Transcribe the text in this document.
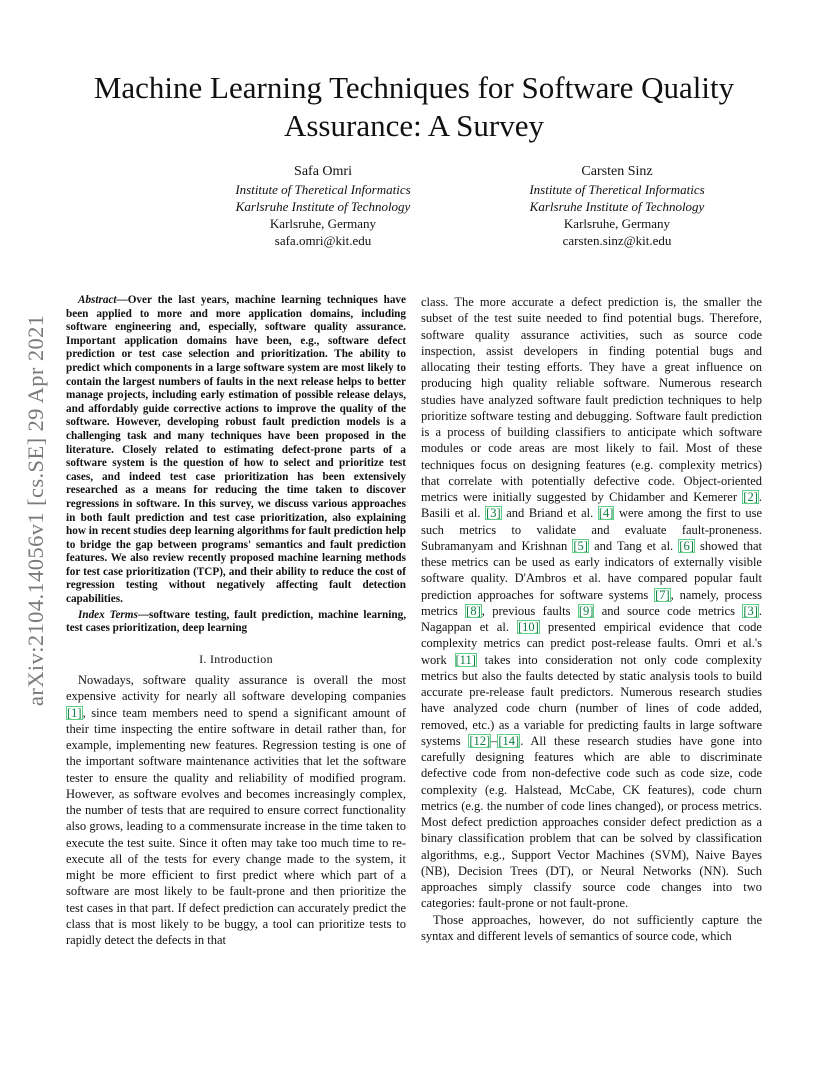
arXiv:2104.14056v1 [cs.SE] 29 Apr 2021
Machine Learning Techniques for Software Quality
Assurance: A Survey
Safa Omri
Institute of Theretical Informatics
Karlsruhe Institute of Technology
Karlsruhe, Germany
safa.omri@kit.edu
Carsten Sinz
Institute of Theretical Informatics
Karlsruhe Institute of Technology
Karlsruhe, Germany
carsten.sinz@kit.edu

Abstract—Over the last years, machine learning techniques have been applied to more and more application domains, including software engineering and, especially, software quality assurance. Important application domains have been, e.g., software defect prediction or test case selection and prioritization. The ability to predict which components in a large software system are most likely to contain the largest numbers of faults in the next release helps to better manage projects, including early estimation of possible release delays, and affordably guide corrective actions to improve the quality of the software. However, developing robust fault prediction models is a challenging task and many techniques have been proposed in the literature. Closely related to estimating defect-prone parts of a software system is the question of how to select and prioritize test cases, and indeed test case prioritization has been extensively researched as a means for reducing the time taken to discover regressions in software. In this survey, we discuss various approaches in both fault prediction and test case prioritization, also explaining how in recent studies deep learning algorithms for fault prediction help to bridge the gap between programs' semantics and fault prediction features. We also review recently proposed machine learning methods for test case prioritization (TCP), and their ability to reduce the cost of regression testing without negatively affecting fault detection capabilities.

Index Terms—software testing, fault prediction, machine learning, test cases prioritization, deep learning

I. Introduction

Nowadays, software quality assurance is overall the most expensive activity for nearly all software developing companies [1], since team members need to spend a significant amount of their time inspecting the entire software in detail rather than, for example, implementing new features. Regression testing is one of the important software maintenance activities that let the software tester to ensure the quality and reliability of modified program. However, as software evolves and becomes increasingly complex, the number of tests that are required to ensure correct functionality also grows, leading to a commensurate increase in the time taken to execute the test suite. Since it often may take too much time to re-execute all of the tests for every change made to the system, it might be more efficient to first predict where which part of a software are most likely to be fault-prone and then prioritize the test cases in that part. If defect prediction can accurately predict the class that is most likely to be buggy, a tool can prioritize tests to rapidly detect the defects in that

class. The more accurate a defect prediction is, the smaller the subset of the test suite needed to find potential bugs. Therefore, software quality assurance activities, such as source code inspection, assist developers in finding potential bugs and allocating their testing efforts. They have a great influence on producing high quality reliable software. Numerous research studies have analyzed software fault prediction techniques to help prioritize software testing and debugging. Software fault prediction is a process of building classifiers to anticipate which software modules or code areas are most likely to fail. Most of these techniques focus on designing features (e.g. complexity metrics) that correlate with potentially defective code. Object-oriented metrics were initially suggested by Chidamber and Kemerer [2]. Basili et al. [3] and Briand et al. [4] were among the first to use such metrics to validate and evaluate fault-proneness. Subramanyam and Krishnan [5] and Tang et al. [6] showed that these metrics can be used as early indicators of externally visible software quality. D'Ambros et al. have compared popular fault prediction approaches for software systems [7], namely, process metrics [8], previous faults [9] and source code metrics [3]. Nagappan et al. [10] presented empirical evidence that code complexity metrics can predict post-release faults. Omri et al.'s work [11] takes into consideration not only code complexity metrics but also the faults detected by static analysis tools to build accurate pre-release fault predictors. Numerous research studies have analyzed code churn (number of lines of code added, removed, etc.) as a variable for predicting faults in large software systems [12]–[14]. All these research studies have gone into carefully designing features which are able to discriminate defective code from non-defective code such as code size, code complexity (e.g. Halstead, McCabe, CK features), code churn metrics (e.g. the number of code lines changed), or process metrics. Most defect prediction approaches consider defect prediction as a binary classification problem that can be solved by classification algorithms, e.g., Support Vector Machines (SVM), Naive Bayes (NB), Decision Trees (DT), or Neural Networks (NN). Such approaches simply classify source code changes into two categories: fault-prone or not fault-prone.

Those approaches, however, do not sufficiently capture the syntax and different levels of semantics of source code, which
